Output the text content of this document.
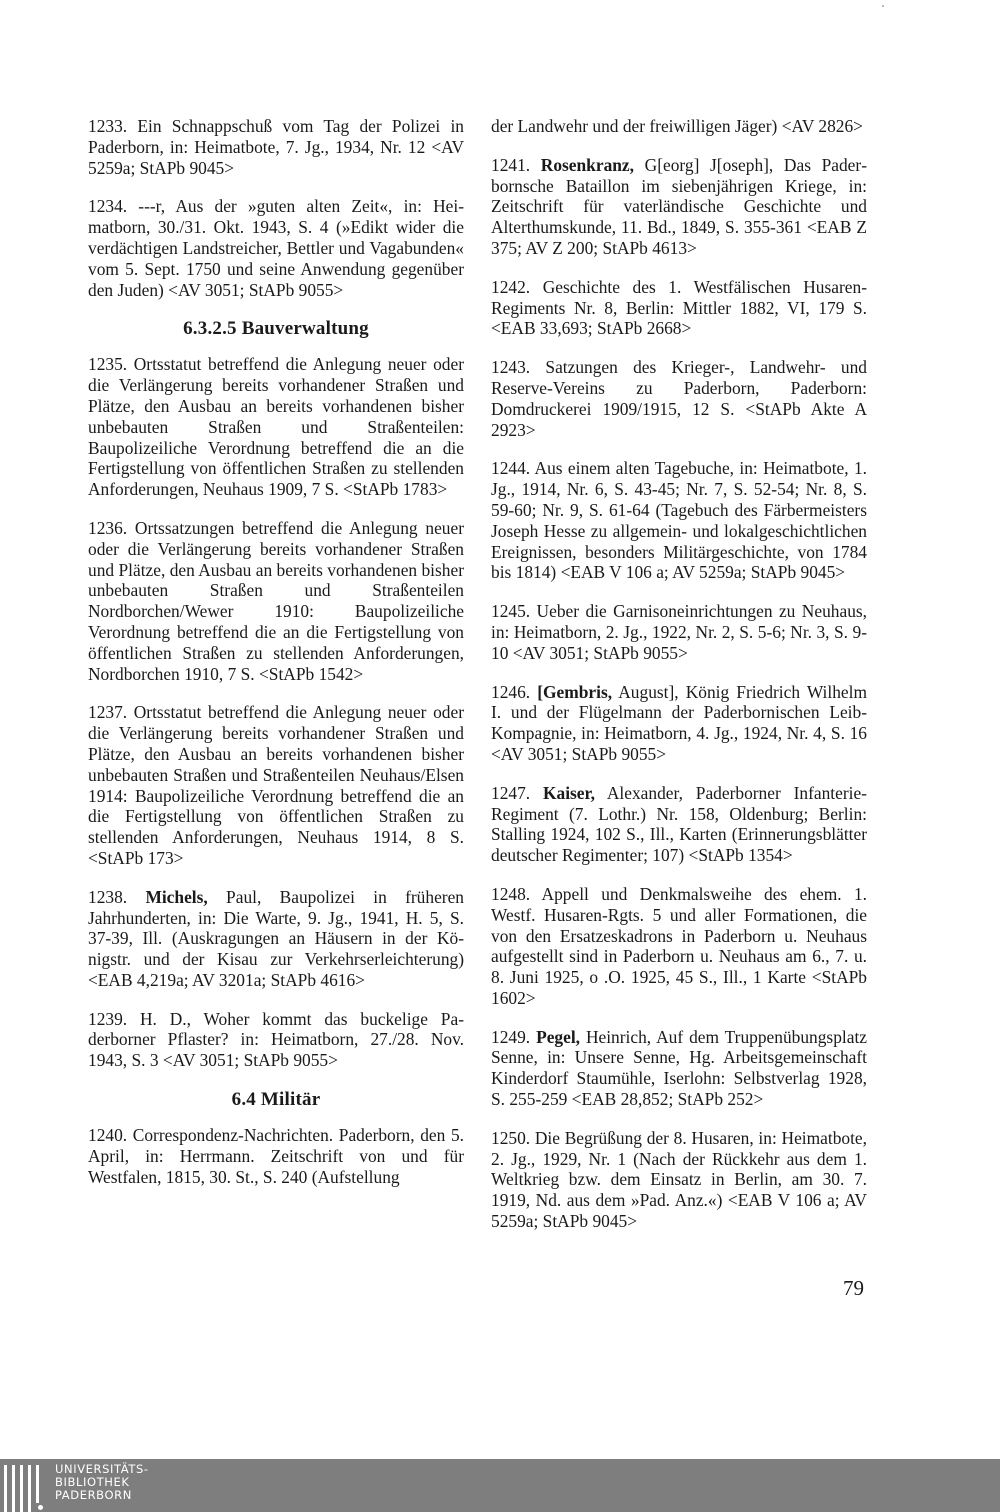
1233. Ein Schnappschuß vom Tag der Polizei in Paderborn, in: Heimatbote, 7. Jg., 1934, Nr. 12 <AV 5259a; StAPb 9045>

1234. ---r, Aus der »guten alten Zeit«, in: Heimatborn, 30./31. Okt. 1943, S. 4 (»Edikt wider die verdächtigen Landstreicher, Bettler und Vagabunden« vom 5. Sept. 1750 und seine Anwendung gegenüber den Juden) <AV 3051; StAPb 9055>

6.3.2.5 Bauverwaltung

1235. Ortsstatut betreffend die Anlegung neuer oder die Verlängerung bereits vorhandener Straßen und Plätze, den Ausbau an bereits vorhandenen bisher unbebauten Straßen und Straßenteilen: Baupolizeiliche Verordnung betreffend die an die Fertigstellung von öffentlichen Straßen zu stellenden Anforderungen, Neuhaus 1909, 7 S. <StAPb 1783>

1236. Ortssatzungen betreffend die Anlegung neuer oder die Verlängerung bereits vorhandener Straßen und Plätze, den Ausbau an bereits vorhandenen bisher unbebauten Straßen und Straßenteilen Nordborchen/Wewer 1910: Baupolizeiliche Verordnung betreffend die an die Fertigstellung von öffentlichen Straßen zu stellenden Anforderungen, Nordborchen 1910, 7 S. <StAPb 1542>

1237. Ortsstatut betreffend die Anlegung neuer oder die Verlängerung bereits vorhandener Straßen und Plätze, den Ausbau an bereits vorhandenen bisher unbebauten Straßen und Straßenteilen Neuhaus/Elsen 1914: Baupolizeiliche Verordnung betreffend die an die Fertigstellung von öffentlichen Straßen zu stellenden Anforderungen, Neuhaus 1914, 8 S. <StAPb 173>

1238. Michels, Paul, Baupolizei in früheren Jahrhunderten, in: Die Warte, 9. Jg., 1941, H. 5, S. 37-39, Ill. (Auskragungen an Häusern in der Königstr. und der Kisau zur Verkehrserleichterung) <EAB 4,219a; AV 3201a; StAPb 4616>

1239. H. D., Woher kommt das buckelige Paderborner Pflaster? in: Heimatborn, 27./28. Nov. 1943, S. 3 <AV 3051; StAPb 9055>

6.4 Militär

1240. Correspondenz-Nachrichten. Paderborn, den 5. April, in: Herrmann. Zeitschrift von und für Westfalen, 1815, 30. St., S. 240 (Aufstellung

der Landwehr und der freiwilligen Jäger) <AV 2826>

1241. Rosenkranz, G[eorg] J[oseph], Das Paderbornsche Bataillon im siebenjährigen Kriege, in: Zeitschrift für vaterländische Geschichte und Alterthumskunde, 11. Bd., 1849, S. 355-361 <EAB Z 375; AV Z 200; StAPb 4613>

1242. Geschichte des 1. Westfälischen Husaren-Regiments Nr. 8, Berlin: Mittler 1882, VI, 179 S. <EAB 33,693; StAPb 2668>

1243. Satzungen des Krieger-, Landwehr- und Reserve-Vereins zu Paderborn, Paderborn: Domdruckerei 1909/1915, 12 S. <StAPb Akte A 2923>

1244. Aus einem alten Tagebuche, in: Heimatbote, 1. Jg., 1914, Nr. 6, S. 43-45; Nr. 7, S. 52-54; Nr. 8, S. 59-60; Nr. 9, S. 61-64 (Tagebuch des Färbermeisters Joseph Hesse zu allgemein- und lokalgeschichtlichen Ereignissen, besonders Militärgeschichte, von 1784 bis 1814) <EAB V 106 a; AV 5259a; StAPb 9045>

1245. Ueber die Garnisoneinrichtungen zu Neuhaus, in: Heimatborn, 2. Jg., 1922, Nr. 2, S. 5-6; Nr. 3, S. 9-10 <AV 3051; StAPb 9055>

1246. [Gembris, August], König Friedrich Wilhelm I. und der Flügelmann der Paderbornischen Leib-Kompagnie, in: Heimatborn, 4. Jg., 1924, Nr. 4, S. 16 <AV 3051; StAPb 9055>

1247. Kaiser, Alexander, Paderborner Infanterie-Regiment (7. Lothr.) Nr. 158, Oldenburg; Berlin: Stalling 1924, 102 S., Ill., Karten (Erinnerungsblätter deutscher Regimenter; 107) <StAPb 1354>

1248. Appell und Denkmalsweihe des ehem. 1. Westf. Husaren-Rgts. 5 und aller Formationen, die von den Ersatzeskadrons in Paderborn u. Neuhaus aufgestellt sind in Paderborn u. Neuhaus am 6., 7. u. 8. Juni 1925, o .O. 1925, 45 S., Ill., 1 Karte <StAPb 1602>

1249. Pegel, Heinrich, Auf dem Truppenübungsplatz Senne, in: Unsere Senne, Hg. Arbeitsgemeinschaft Kinderdorf Staumühle, Iserlohn: Selbstverlag 1928, S. 255-259 <EAB 28,852; StAPb 252>

1250. Die Begrüßung der 8. Husaren, in: Heimatbote, 2. Jg., 1929, Nr. 1 (Nach der Rückkehr aus dem 1. Weltkrieg bzw. dem Einsatz in Berlin, am 30. 7. 1919, Nd. aus dem »Pad. Anz.«) <EAB V 106 a; AV 5259a; StAPb 9045>

79
UNIVERSITÄTS-
BIBLIOTHEK
PADERBORN
